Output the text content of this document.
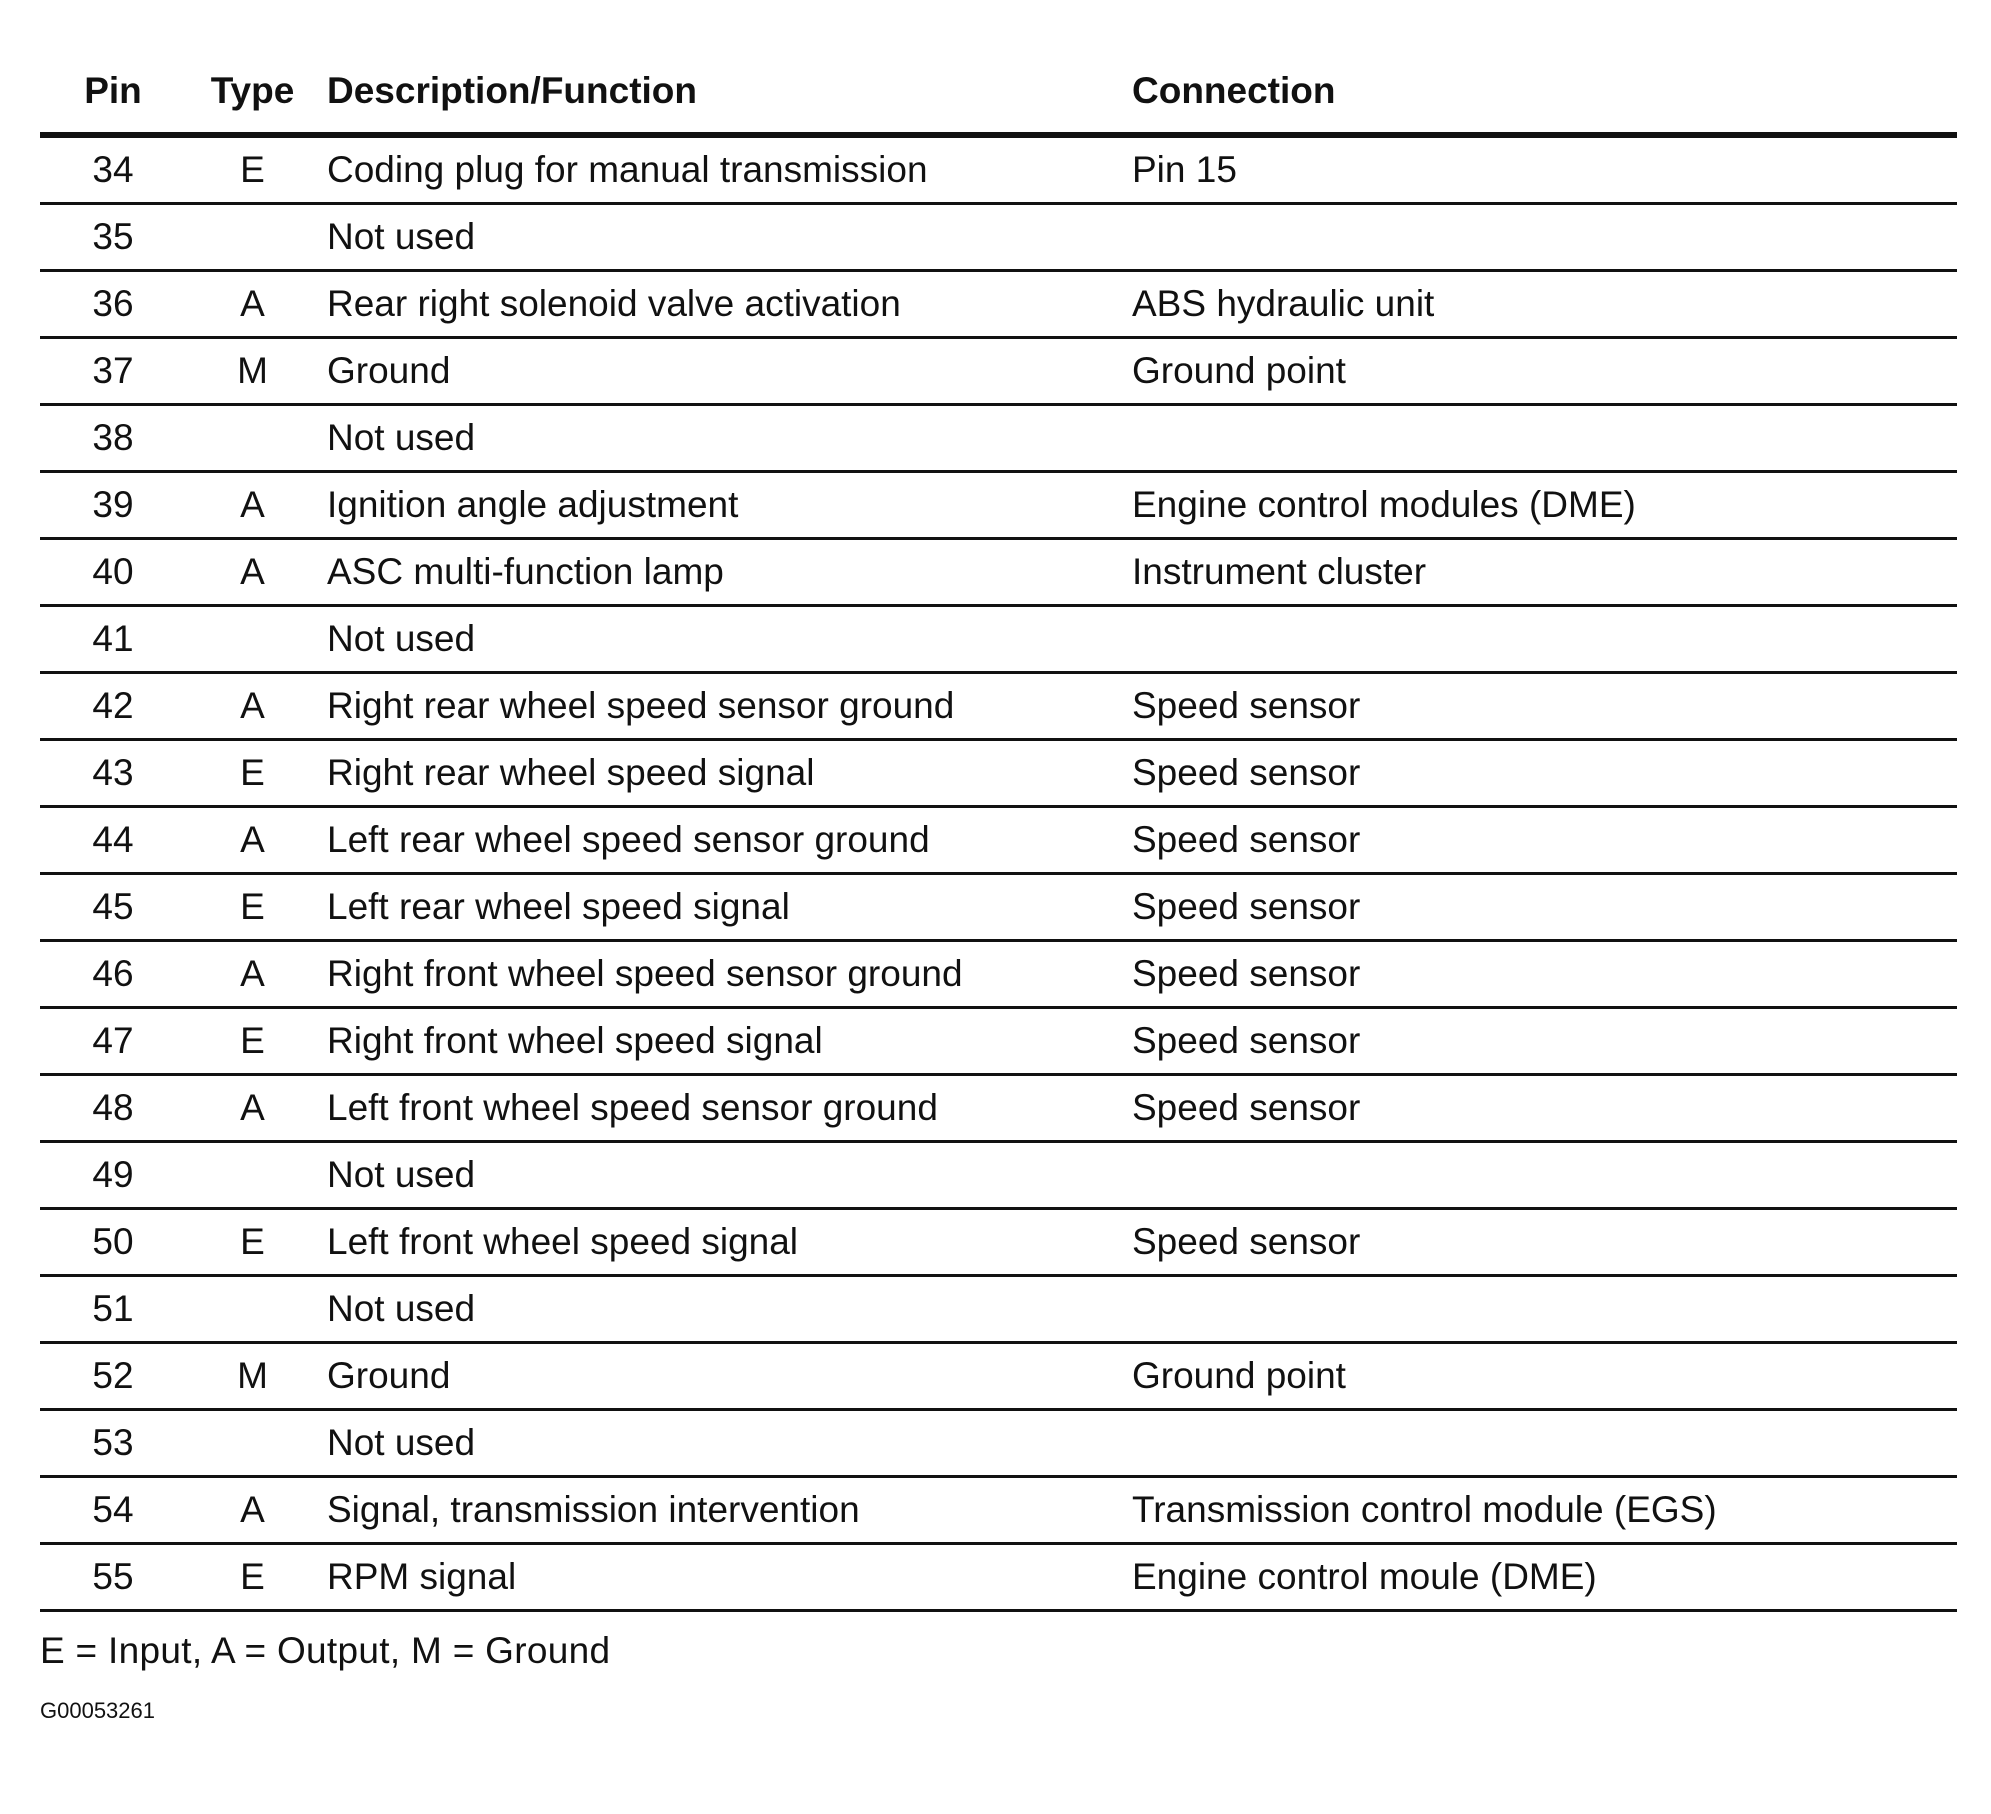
Pin	Type	Description/Function	Connection
34	E	Coding plug for manual transmission	Pin 15
35		Not used	
36	A	Rear right solenoid valve activation	ABS hydraulic unit
37	M	Ground	Ground point
38		Not used	
39	A	Ignition angle adjustment	Engine control modules (DME)
40	A	ASC multi-function lamp	Instrument cluster
41		Not used	
42	A	Right rear wheel speed sensor ground	Speed sensor
43	E	Right rear wheel speed signal	Speed sensor
44	A	Left rear wheel speed sensor ground	Speed sensor
45	E	Left rear wheel speed signal	Speed sensor
46	A	Right front wheel speed sensor ground	Speed sensor
47	E	Right front wheel speed signal	Speed sensor
48	A	Left front wheel speed sensor ground	Speed sensor
49		Not used	
50	E	Left front wheel speed signal	Speed sensor
51		Not used	
52	M	Ground	Ground point
53		Not used	
54	A	Signal, transmission intervention	Transmission control module (EGS)
55	E	RPM signal	Engine control moule (DME)
E = Input, A = Output, M = Ground
G00053261
